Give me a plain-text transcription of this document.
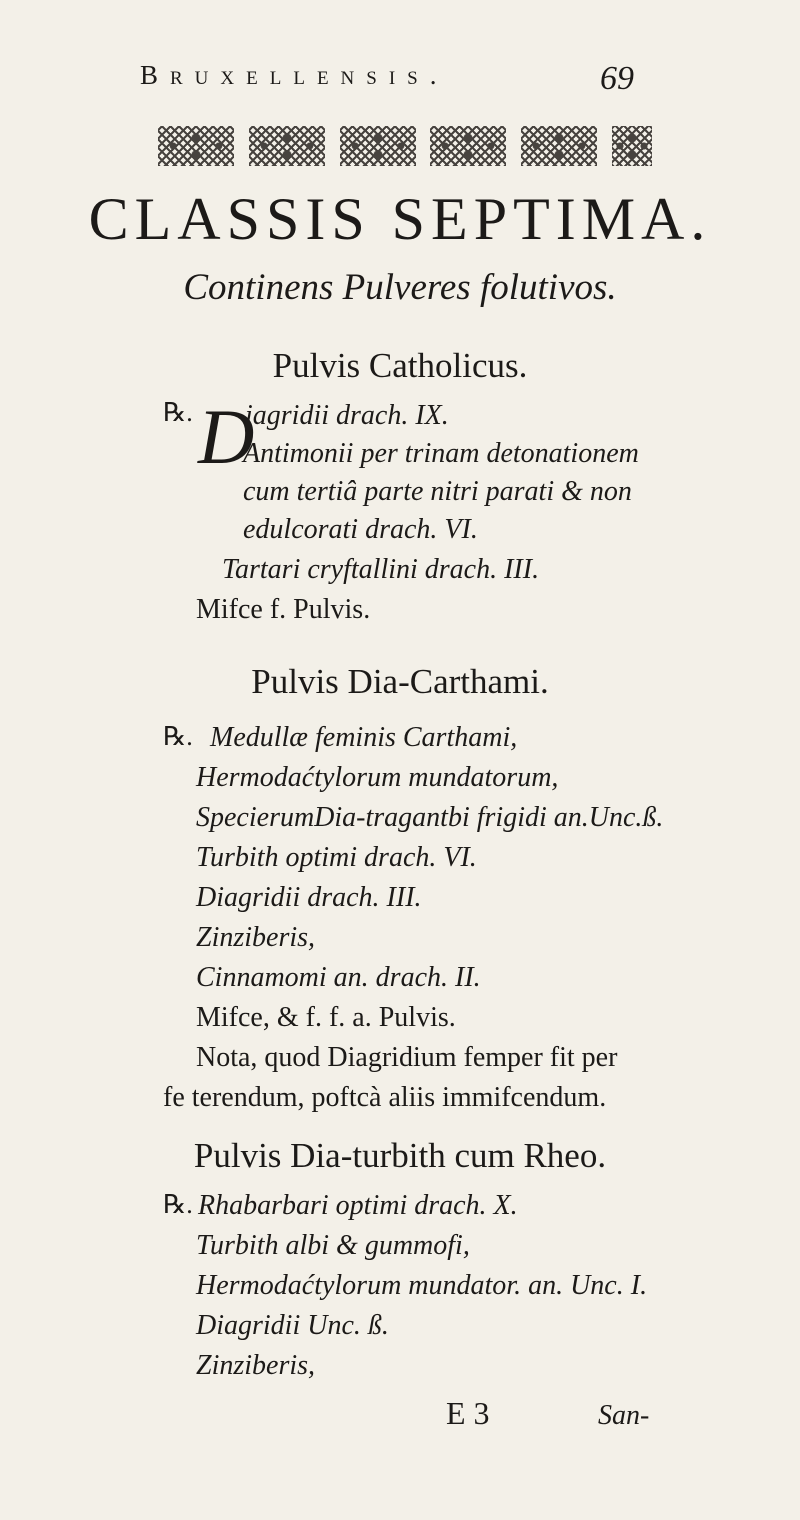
Bruxellensis.	69
CLASSIS SEPTIMA.
Continens Pulveres folutivos.
Pulvis Catholicus.
℞. D
iagridii drach. IX.
Antimonii per trinam detonationem
cum tertiâ parte nitri parati & non
edulcorati drach. VI.
Tartari cryftallini drach. III.
Mifce f. Pulvis.
Pulvis Dia-Carthami.
℞. Medullæ feminis Carthami,
Hermodaćtylorum mundatorum,
SpecierumDia-tragantbi frigidi an.Unc.ß.
Turbith optimi drach. VI.
Diagridii drach. III.
Zinziberis,
Cinnamomi an. drach. II.
Mifce, & f. f. a. Pulvis.
Nota, quod Diagridium femper fit per
fe terendum, poftcà aliis immifcendum.
Pulvis Dia-turbith cum Rheo.
℞. Rhabarbari optimi drach. X.
Turbith albi & gummofi,
Hermodaćtylorum mundator. an. Unc. I.
Diagridii Unc. ß.
Zinziberis,
E 3	San-
